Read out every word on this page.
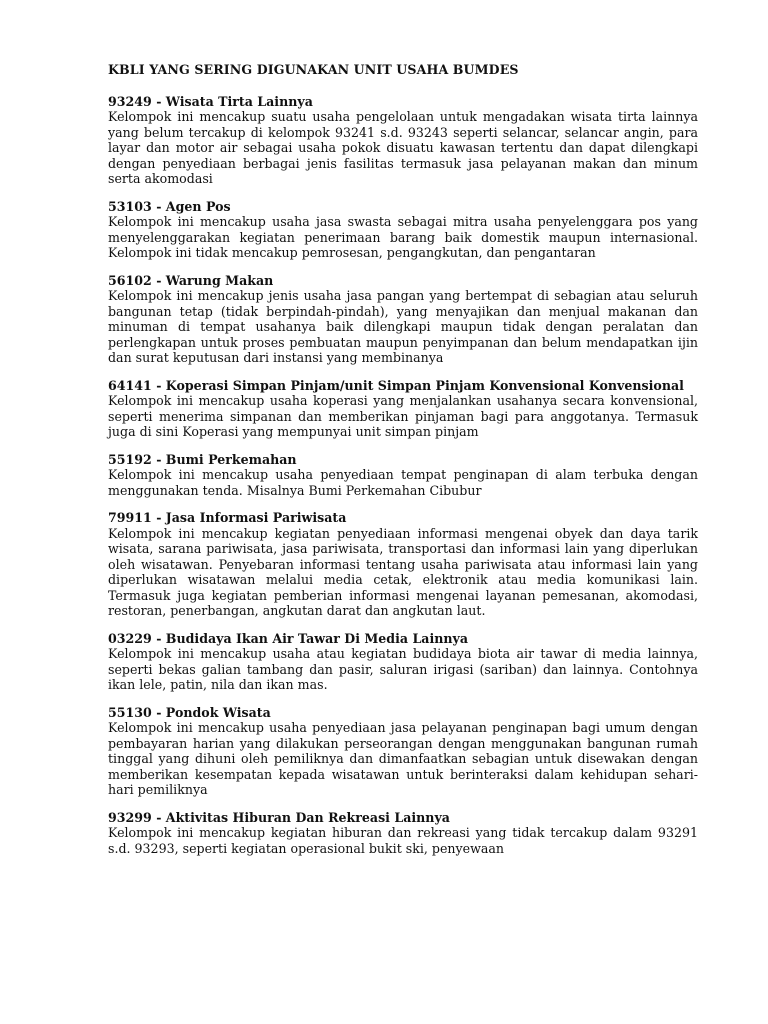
KBLI YANG SERING DIGUNAKAN UNIT USAHA BUMDES
93249 - Wisata Tirta Lainnya
Kelompok ini mencakup suatu usaha pengelolaan untuk mengadakan wisata tirta lainnya yang belum tercakup di kelompok 93241 s.d. 93243 seperti selancar, selancar angin, para layar dan motor air sebagai usaha pokok disuatu kawasan tertentu dan dapat dilengkapi dengan penyediaan berbagai jenis fasilitas termasuk jasa pelayanan makan dan minum serta akomodasi
53103 - Agen Pos
Kelompok ini mencakup usaha jasa swasta sebagai mitra usaha penyelenggara pos yang menyelenggarakan kegiatan penerimaan barang baik domestik maupun internasional. Kelompok ini tidak mencakup pemrosesan, pengangkutan, dan pengantaran
56102 - Warung Makan
Kelompok ini mencakup jenis usaha jasa pangan yang bertempat di sebagian atau seluruh bangunan tetap (tidak berpindah-pindah), yang menyajikan dan menjual makanan dan minuman di tempat usahanya baik dilengkapi maupun tidak dengan peralatan dan perlengkapan untuk proses pembuatan maupun penyimpanan dan belum mendapatkan ijin dan surat keputusan dari instansi yang membinanya
64141 - Koperasi Simpan Pinjam/unit Simpan Pinjam Konvensional Konvensional
Kelompok ini mencakup usaha koperasi yang menjalankan usahanya secara konvensional, seperti menerima simpanan dan memberikan pinjaman bagi para anggotanya. Termasuk juga di sini Koperasi yang mempunyai unit simpan pinjam
55192 - Bumi Perkemahan
Kelompok ini mencakup usaha penyediaan tempat penginapan di alam terbuka dengan menggunakan tenda. Misalnya Bumi Perkemahan Cibubur
79911 - Jasa Informasi Pariwisata
Kelompok ini mencakup kegiatan penyediaan informasi mengenai obyek dan daya tarik wisata, sarana pariwisata, jasa pariwisata, transportasi dan informasi lain yang diperlukan oleh wisatawan. Penyebaran informasi tentang usaha pariwisata atau informasi lain yang diperlukan wisatawan melalui media cetak, elektronik atau media komunikasi lain. Termasuk juga kegiatan pemberian informasi mengenai layanan pemesanan, akomodasi, restoran, penerbangan, angkutan darat dan angkutan laut.
03229 - Budidaya Ikan Air Tawar Di Media Lainnya
Kelompok ini mencakup usaha atau kegiatan budidaya biota air tawar di media lainnya, seperti bekas galian tambang dan pasir, saluran irigasi (sariban) dan lainnya. Contohnya ikan lele, patin, nila dan ikan mas.
55130 - Pondok Wisata
Kelompok ini mencakup usaha penyediaan jasa pelayanan penginapan bagi umum dengan pembayaran harian yang dilakukan perseorangan dengan menggunakan bangunan rumah tinggal yang dihuni oleh pemiliknya dan dimanfaatkan sebagian untuk disewakan dengan memberikan kesempatan kepada wisatawan untuk berinteraksi dalam kehidupan sehari-hari pemiliknya
93299 - Aktivitas Hiburan Dan Rekreasi Lainnya
Kelompok ini mencakup kegiatan hiburan dan rekreasi yang tidak tercakup dalam 93291 s.d. 93293, seperti kegiatan operasional bukit ski, penyewaan
